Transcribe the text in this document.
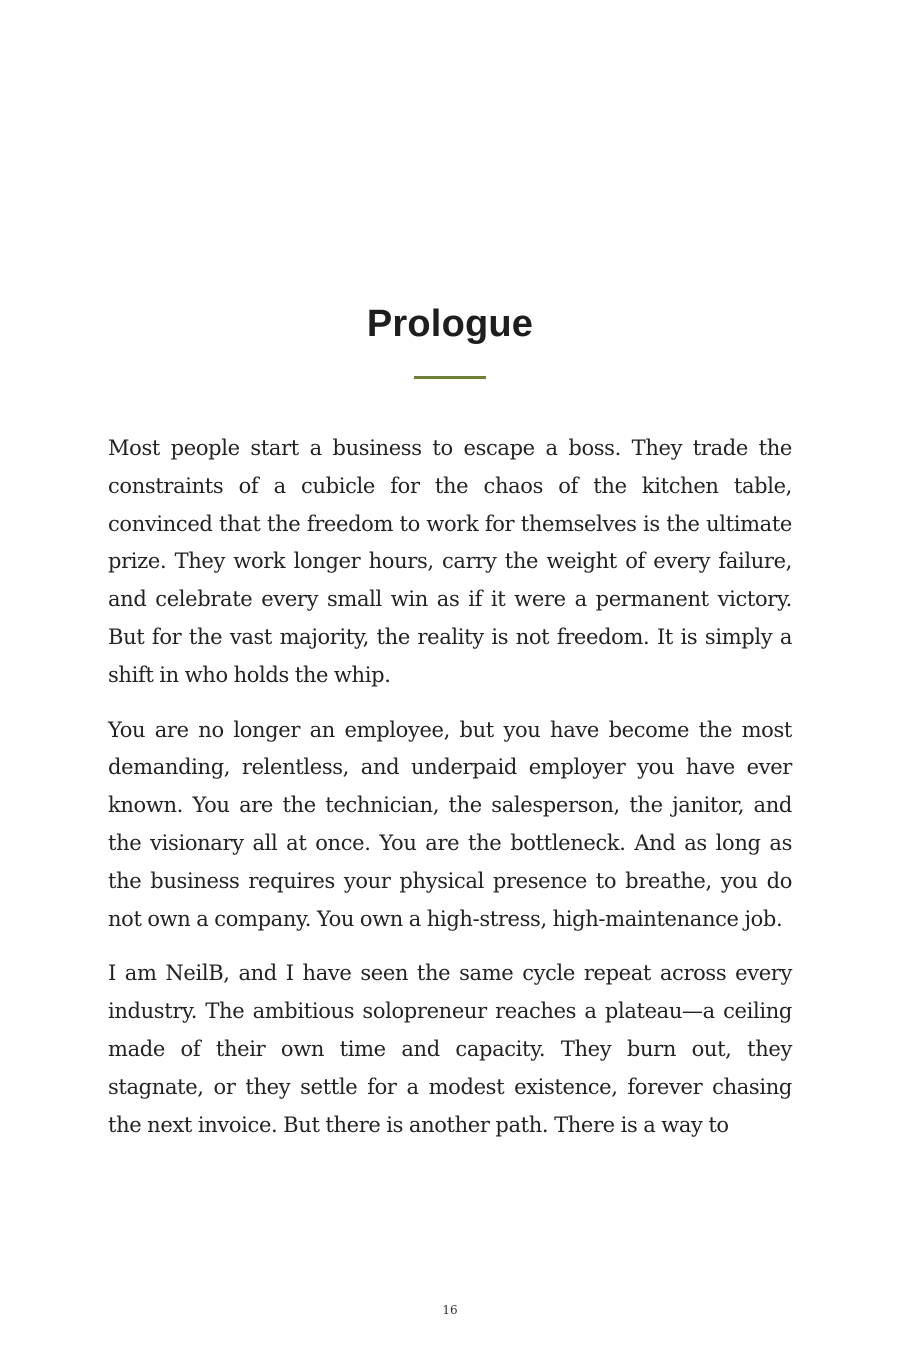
Prologue

Most people start a business to escape a boss. They trade the constraints of a cubicle for the chaos of the kitchen table, convinced that the freedom to work for themselves is the ultimate prize. They work longer hours, carry the weight of every failure, and celebrate every small win as if it were a permanent victory. But for the vast majority, the reality is not freedom. It is simply a shift in who holds the whip.

You are no longer an employee, but you have become the most demanding, relentless, and underpaid employer you have ever known. You are the technician, the salesperson, the janitor, and the visionary all at once. You are the bottleneck. And as long as the business requires your physical presence to breathe, you do not own a company. You own a high-stress, high-maintenance job.

I am NeilB, and I have seen the same cycle repeat across every industry. The ambitious solopreneur reaches a plateau—a ceiling made of their own time and capacity. They burn out, they stagnate, or they settle for a modest existence, forever chasing the next invoice. But there is another path. There is a way to

16
